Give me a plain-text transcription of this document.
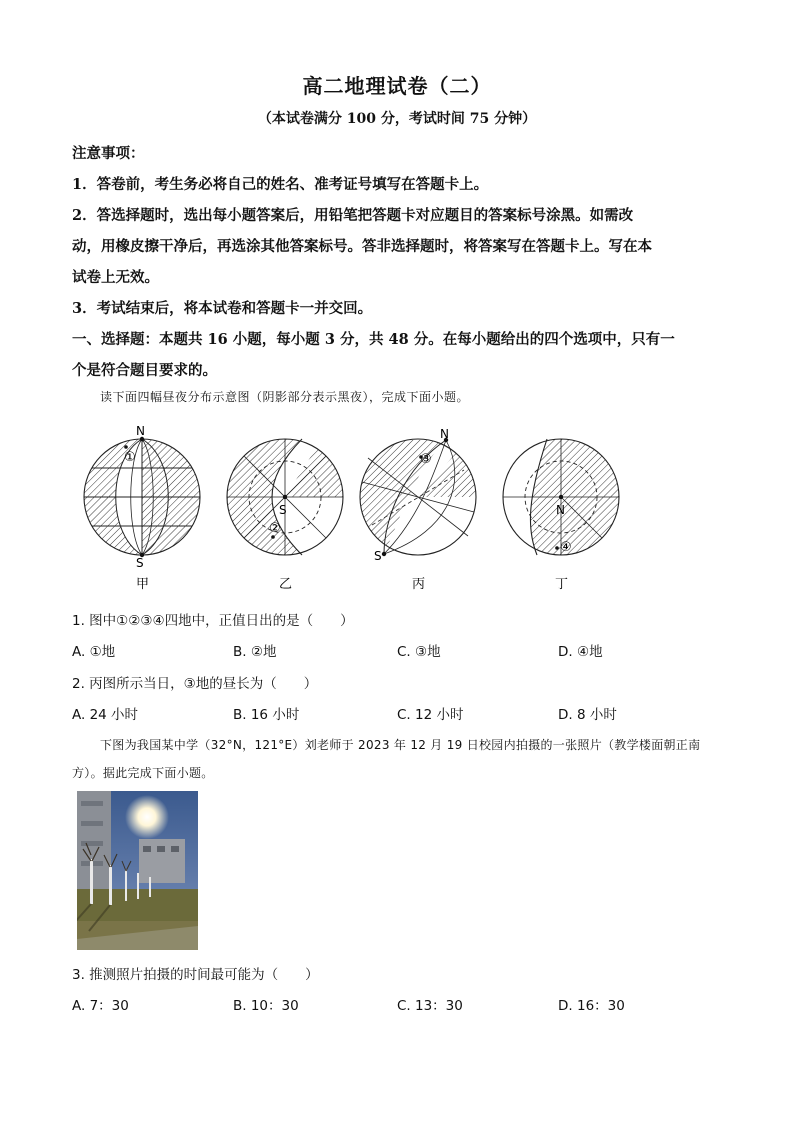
高二地理试卷（二）
（本试卷满分 100 分，考试时间 75 分钟）

注意事项：

1．答卷前，考生务必将自己的姓名、准考证号填写在答题卡上。

2．答选择题时，选出每小题答案后，用铅笔把答题卡对应题目的答案标号涂黑。如需改

动，用橡皮擦干净后，再选涂其他答案标号。答非选择题时，将答案写在答题卡上。写在本

试卷上无效。

3．考试结束后，将本试卷和答题卡一并交回。

一、选择题：本题共 16 小题，每小题 3 分，共 48 分。在每小题给出的四个选项中，只有一

个是符合题目要求的。

读下面四幅昼夜分布示意图（阴影部分表示黑夜），完成下面小题。
N
S
①
甲
S
②
乙
N
S
③
丙
N
④
丁
1. 图中①②③④四地中，正值日出的是（　　）
A. ①地	B. ②地	C. ③地	D. ④地
2. 丙图所示当日，③地的昼长为（　　）
A. 24 小时	B. 16 小时	C. 12 小时	D. 8 小时
下图为我国某中学（32°N，121°E）刘老师于 2023 年 12 月 19 日校园内拍摄的一张照片（教学楼面朝正南方）。据此完成下面小题。
3. 推测照片拍摄的时间最可能为（　　）
A. 7：30	B. 10：30	C. 13：30	D. 16：30
